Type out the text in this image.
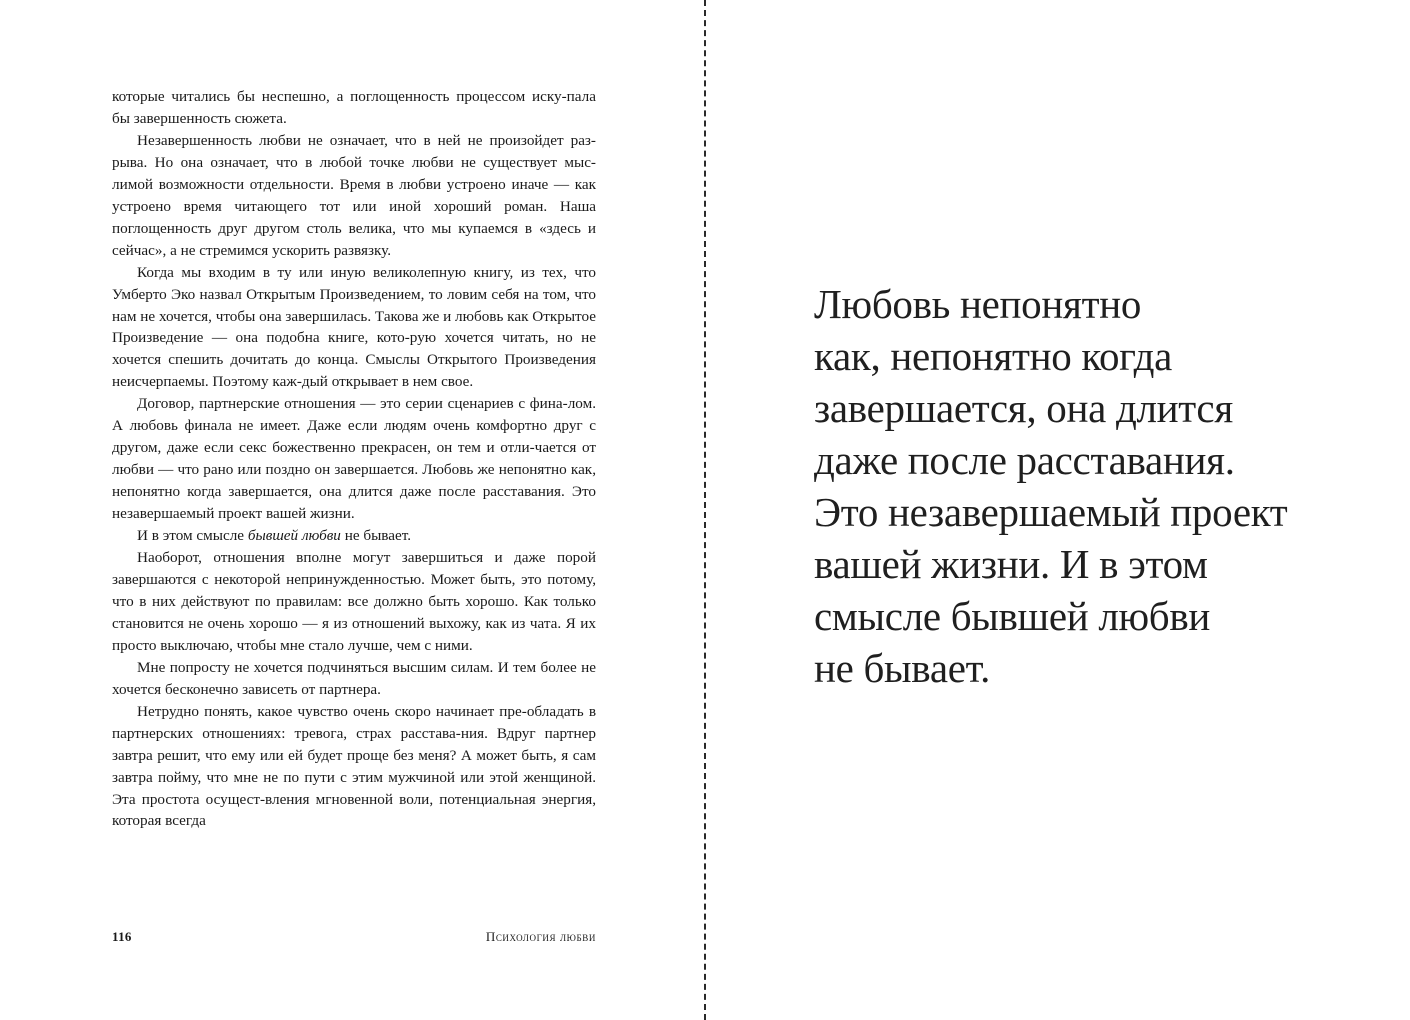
которые читались бы неспешно, а поглощенность процессом иску-пала бы завершенность сюжета.

Незавершенность любви не означает, что в ней не произойдет раз-рыва. Но она означает, что в любой точке любви не существует мыс-лимой возможности отдельности. Время в любви устроено иначе — как устроено время читающего тот или иной хороший роман. Наша поглощенность друг другом столь велика, что мы купаемся в «здесь и сейчас», а не стремимся ускорить развязку.

Когда мы входим в ту или иную великолепную книгу, из тех, что Умберто Эко назвал Открытым Произведением, то ловим себя на том, что нам не хочется, чтобы она завершилась. Такова же и любовь как Открытое Произведение — она подобна книге, кото-рую хочется читать, но не хочется спешить дочитать до конца. Смыслы Открытого Произведения неисчерпаемы. Поэтому каж-дый открывает в нем свое.

Договор, партнерские отношения — это серии сценариев с фина-лом. А любовь финала не имеет. Даже если людям очень комфортно друг с другом, даже если секс божественно прекрасен, он тем и отли-чается от любви — что рано или поздно он завершается. Любовь же непонятно как, непонятно когда завершается, она длится даже после расставания. Это незавершаемый проект вашей жизни.

И в этом смысле бывшей любви не бывает.

Наоборот, отношения вполне могут завершиться и даже порой завершаются с некоторой непринужденностью. Может быть, это потому, что в них действуют по правилам: все должно быть хорошо. Как только становится не очень хорошо — я из отношений выхожу, как из чата. Я их просто выключаю, чтобы мне стало лучше, чем с ними.

Мне попросту не хочется подчиняться высшим силам. И тем более не хочется бесконечно зависеть от партнера.

Нетрудно понять, какое чувство очень скоро начинает пре-обладать в партнерских отношениях: тревога, страх расстава-ния. Вдруг партнер завтра решит, что ему или ей будет проще без меня? А может быть, я сам завтра пойму, что мне не по пути с этим мужчиной или этой женщиной. Эта простота осущест-вления мгновенной воли, потенциальная энергия, которая всегда

116	Психология любви
Любовь непонятно
как, непонятно когда
завершается, она длится
даже после расставания.
Это незавершаемый проект
вашей жизни. И в этом
смысле бывшей любви
не бывает.
